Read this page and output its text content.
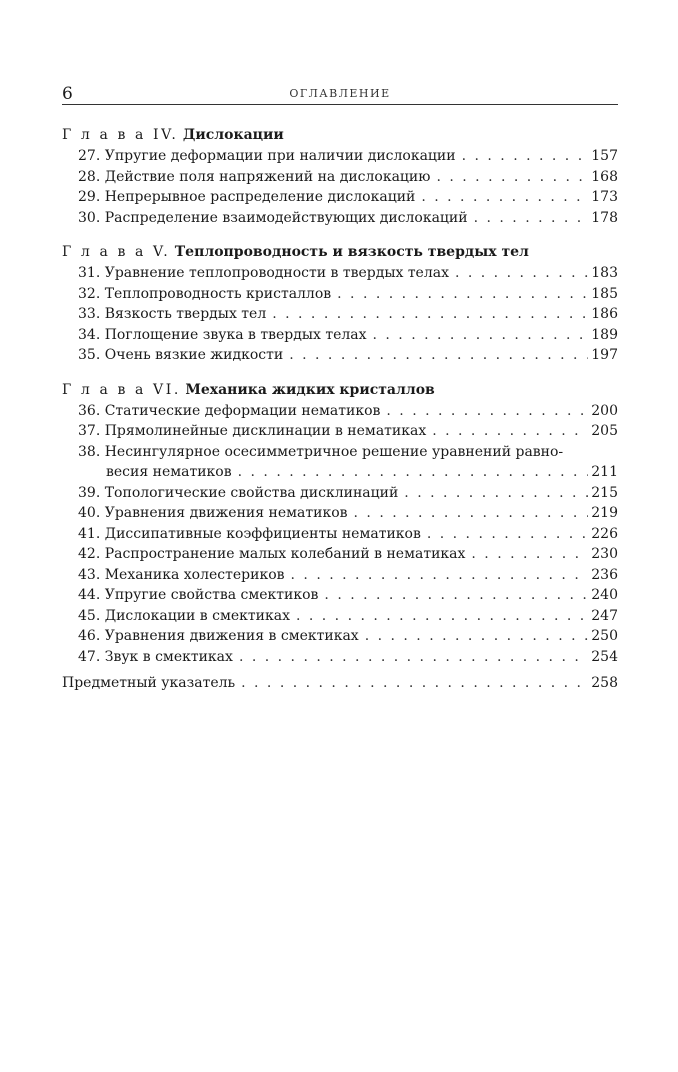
6	ОГЛАВЛЕНИЕ
Г л а в а IV. Дислокации
27. Упругие деформации при наличии дислокации . . .	157
28. Действие поля напряжений на дислокацию . . .	168
29. Непрерывное распределение дислокаций . . .	173
30. Распределение взаимодействующих дислокаций . . .	178
Г л а в а V. Теплопроводность и вязкость твердых тел
31. Уравнение теплопроводности в твердых телах . . .	183
32. Теплопроводность кристаллов . . .	185
33. Вязкость твердых тел . . .	186
34. Поглощение звука в твердых телах . . .	189
35. Очень вязкие жидкости . . .	197
Г л а в а VI. Механика жидких кристаллов
36. Статические деформации нематиков . . .	200
37. Прямолинейные дисклинации в нематиках . . .	205
38. Несингулярное осесимметричное решение уравнений равно-
весия нематиков . . .	211
39. Топологические свойства дисклинаций . . .	215
40. Уравнения движения нематиков . . .	219
41. Диссипативные коэффициенты нематиков . . .	226
42. Распространение малых колебаний в нематиках . . .	230
43. Механика холестериков . . .	236
44. Упругие свойства смектиков . . .	240
45. Дислокации в смектиках . . .	247
46. Уравнения движения в смектиках . . .	250
47. Звук в смектиках . . .	254
Предметный указатель . . .	258
